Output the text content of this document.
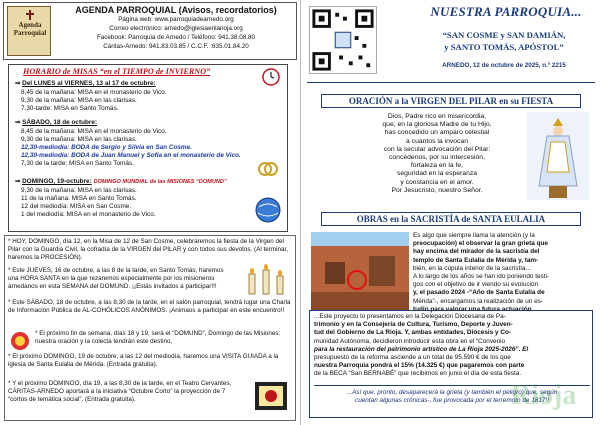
Agenda
Parroquial
AGENDA PARROQUIAL (Avisos, recordatorios)
Página web: www.parroquiadearnedo.org
Correo electrónico: arnedo@iglesiaenlarioja.org
Facebook: Parroquia de Arnedo / Teléfono: 941.38.08.80
Cáritas-Arnedo: 941.83.03.85 / C.C.F. :635.01.84.20
HORARIO de MISAS “en el TIEMPO de INVIERNO”
⇒ Del LUNES al VIERNES, 13 al 17 de octubre:
8,45 de la mañana: MISA en el monasterio de Vico.
9,30 de la mañana: MISA en las clarisas.
7,30-tarde: MISA en Santo Tomás.
⇒ SÁBADO, 18 de octubre:
8,45 de la mañana: MISA en el monasterio de Vico.
9,30 de la mañana: MISA en las clarisas.
12,30-mediodía: BODA de Sergio y Silvia en San Cosme.
12,30-mediodía: BODA de Juan Manuel y Sofía en el monasterio de Vico.
7,30 de la tarde: MISA en Santo Tomás.
⇒ DOMINGO, 19-octubre: DOMINGO MUNDIAL de las MISIONES “DOMUND”
9,30 de la mañana: MISA en las clarisas.
11 de la mañana: MISA en Santo Tomás.
12 del mediodía: MISA en San Cosme.
1 del mediodía: MISA en el monasterio de Vico.
* HOY, DOMINGO, día 12, en la Misa de 12 de San Cosme, celebraremos la fiesta de la Virgen del Pilar con la Guardia Civil, la cofradía de la VIRGEN del PILAR y con todos sus devotos. (Al terminar, haremos la PROCESIÓN).
* Este JUEVES, 16 de octubre, a las 8 de la tarde, en Santo Tomás, haremos una HORA SANTA en la que rezaremos especialmente por los misioneros arnedanos en esta SEMANA del DOMUND. ¡¡Estás invitados a participar!!!
* Este SÁBADO, 18 de octubre, a las 8,30 de la tarde, en el salón parroquial, tendrá lugar una Charla de Información Pública de AL-COHÓLICOS ANÓNIMOS. ¡Animaos a participar en este encuentro!!
* El próximo fin de semana, días 18 y 19, será el “DOMUND”, Domingo de las Misiones: nuestra oración y la colecta tendrán este destino.
* El próximo DOMINGO, 19 de octubre, a las 12 del mediodía, haremos una VISITA GUIADA a la iglesia de Santa Eulalia de Mérida. (Entrada gratuita).
* Y el próximo DOMINGO, día 19, a las 8,30 de la tarde, en el Teatro Cervantes, CÁRITAS-ARNEDO aportará a la iniciativa “Octubre Corto” la proyección de 7 “cortos de temática social”. (Entrada gratuita).
NUESTRA PARROQUIA...
“SAN COSME y SAN DAMIÁN,
y SANTO TOMÁS, APÓSTOL”
ARNEDO, 12 de octubre de 2025, n.º 2215
ORACIÓN a la VIRGEN DEL PILAR en su FIESTA
Dios, Padre rico en misericordia,
que, en la gloriosa Madre de tu Hijo,
has concedido un amparo celestial
a cuantos la invocan
con la secular advocación del Pilar:
concédenos, por su intercesión,
fortaleza en la fe,
seguridad en la esperanza
y constancia en el amor.
Por Jesucristo, nuestro Señor.
OBRAS en la SACRISTÍA de SANTA EULALIA
Es algo que siempre llama la atención (y la
preocupación) el observar la gran grieta que
hay encima del mirador de la sacristía del
templo de Santa Eulalia de Mérida y, tam-
bién, en la cúpula interior de la sacristía...
A lo largo de los años se han ido poniendo testi-
gos con el objetivo de ir viendo su evolución
y, el pasado 2024 -“Año de Santa Eulalia de
Mérida”-, encargamos la realización de un es-
tudio para valorar una futura actuación...
...Este proyecto lo presentamos en la Delegación Diocesana de Pa-
trimonio y en la Consejería de Cultura, Turismo, Deporte y Juven-
tud del Gobierno de La Rioja. Y, ambas entidades, Diócesis y Co-
munidad Autónoma, decidieron introducir esta obra en el “Convenio
para la restauración del patrimonio artístico de La Rioja 2025-2026”. El
presupuesto de la reforma asciende a un total de 95.590 € de los que
nuestra Parroquia pondrá el 15% (14.325 €) que pagaremos con parte
de la BECA “San BERNABÉ” que recibimos en junio el día de esta fiesta.
...Así que, pronto, desaparecerá la grieta (y también el peligro) que, según
cuentan algunas crónicas-, fue provocada por el terremoto de 1817!!
Rioja
